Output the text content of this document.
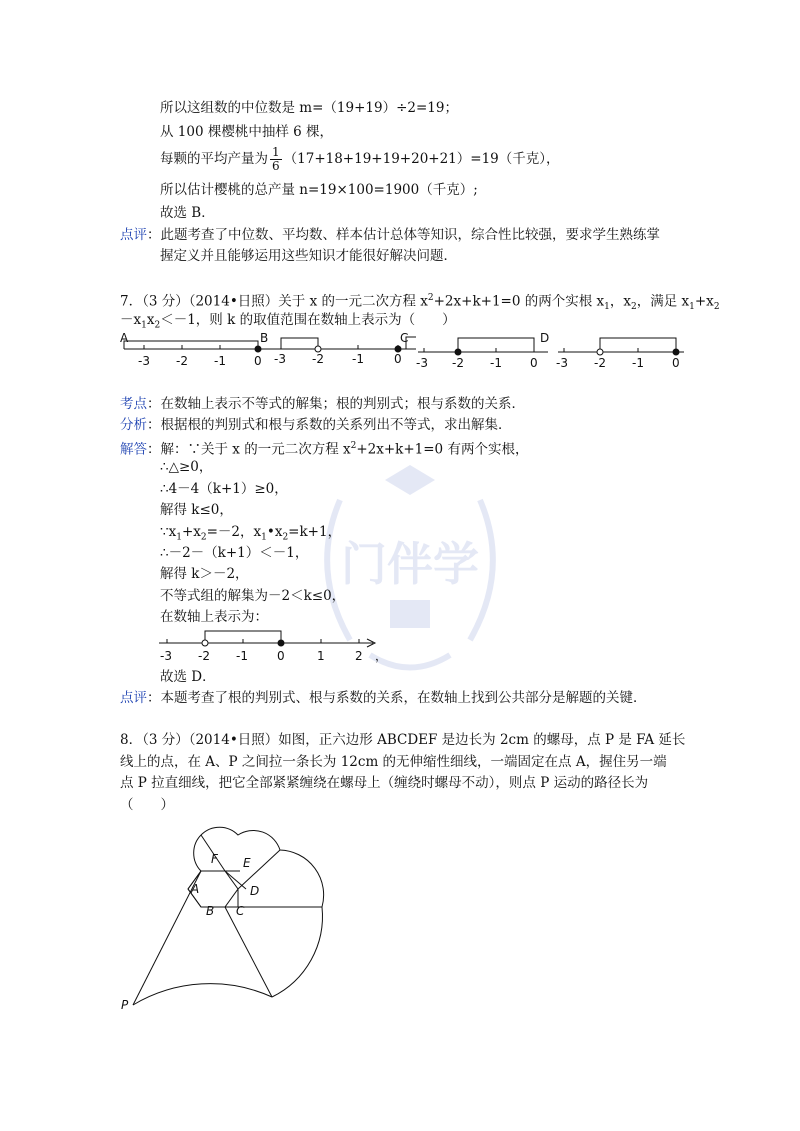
门伴学
所以这组数的中位数是 m=（19+19）÷2=19；
从 100 棵樱桃中抽样 6 棵，
每颗的平均产量为 $\frac{1}{6} (17+18+19+19+20+21)=19$（千克），
所以估计樱桃的总产量 n=19×100=1900（千克）;
故选 B．
点评：此题考查了中位数、平均数、样本估计总体等知识，综合性比较强，要求学生熟练掌
握定义并且能够运用这些知识才能很好解决问题．
7．（3 分）（2014•日照）关于 x 的一元二次方程 $x^2+2x+k+1=0$ 的两个实根 $x_1$，$x_2$，满足 $x_1+x_2$
$-x_1x_2<-1$，则 k 的取值范围在数轴上表示为（　　）
A
-3 -2 -1 0
B
-3 -2 -1	0
C
-3 -2 -1 0
D
-3 -2 -1 0
考点：在数轴上表示不等式的解集；根的判别式；根与系数的关系．
分析：根据根的判别式和根与系数的关系列出不等式，求出解集．
解答：解：∵关于 x 的一元二次方程 $x^2+2x+k+1=0$ 有两个实根，
∴△≥0，
∴4－4（k+1）≥0，
解得 k≤0，
$\because x_1+x_2=-2$，$x_1•x_2=k+1$，
∴－2－（k+1）＜－1，
解得 k＞－2，
不等式组的解集为－2＜k≤0，
在数轴上表示为：
-3 -2 -1 0	1	2 ，
故选 D．
点评：本题考查了根的判别式、根与系数的关系，在数轴上找到公共部分是解题的关键．
8．（3 分）（2014•日照）如图，正六边形 ABCDEF 是边长为 2cm 的螺母，点 P 是 FA 延长
线上的点，在 A、P 之间拉一条长为 12cm 的无伸缩性细线，一端固定在点 A，握住另一端
点 P 拉直细线，把它全部紧紧缠绕在螺母上（缠绕时螺母不动），则点 P 运动的路径长为
（　　）
F E
A	D
B C
P
